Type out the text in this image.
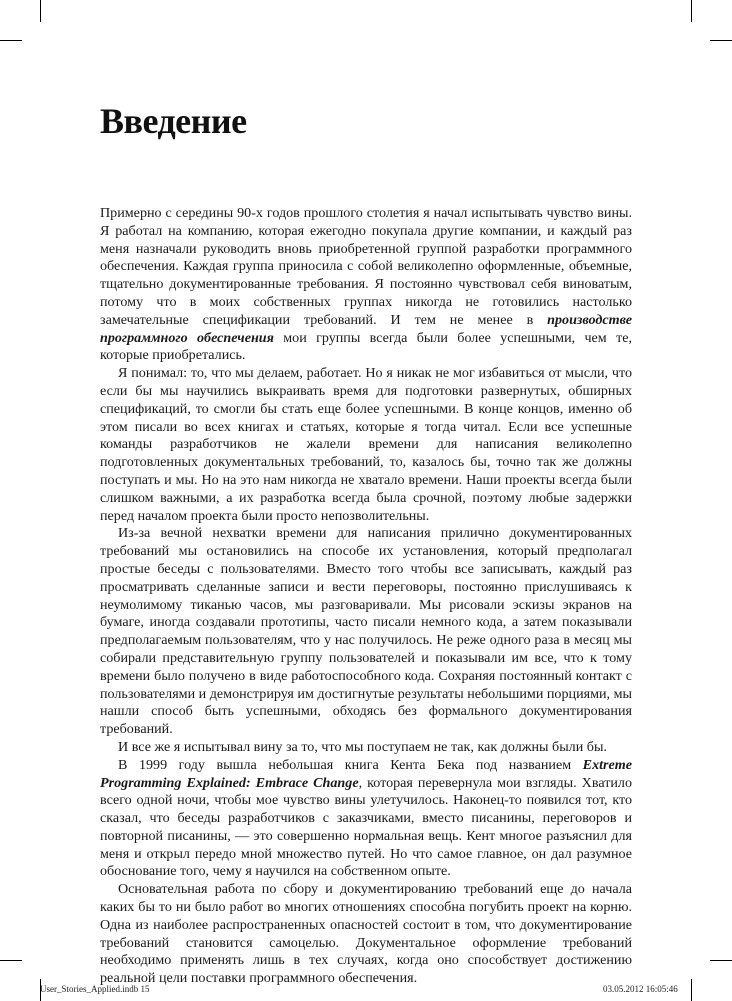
Введение

Примерно с середины 90-х годов прошлого столетия я начал испытывать чувство вины. Я работал на компанию, которая ежегодно покупала другие компании, и каждый раз меня назначали руководить вновь приобретенной группой разработки программного обеспечения. Каждая группа приносила с собой великолепно оформленные, объемные, тщательно документированные требования. Я постоянно чувствовал себя виноватым, потому что в моих собственных группах никогда не готовились настолько замечательные спецификации требований. И тем не менее в производстве программного обеспечения мои группы всегда были более успешными, чем те, которые приобретались.

Я понимал: то, что мы делаем, работает. Но я никак не мог избавиться от мысли, что если бы мы научились выкраивать время для подготовки развернутых, обширных спецификаций, то смогли бы стать еще более успешными. В конце концов, именно об этом писали во всех книгах и статьях, которые я тогда читал. Если все успешные команды разработчиков не жалели времени для написания великолепно подготовленных документальных требований, то, казалось бы, точно так же должны поступать и мы. Но на это нам никогда не хватало времени. Наши проекты всегда были слишком важными, а их разработка всегда была срочной, поэтому любые задержки перед началом проекта были просто непозволительны.

Из-за вечной нехватки времени для написания прилично документированных требований мы остановились на способе их установления, который предполагал простые беседы с пользователями. Вместо того чтобы все записывать, каждый раз просматривать сделанные записи и вести переговоры, постоянно прислушиваясь к неумолимому тиканью часов, мы разговаривали. Мы рисовали эскизы экранов на бумаге, иногда создавали прототипы, часто писали немного кода, а затем показывали предполагаемым пользователям, что у нас получилось. Не реже одного раза в месяц мы собирали представительную группу пользователей и показывали им все, что к тому времени было получено в виде работоспособного кода. Сохраняя постоянный контакт с пользователями и демонстрируя им достигнутые результаты небольшими порциями, мы нашли способ быть успешными, обходясь без формального документирования требований.

И все же я испытывал вину за то, что мы поступаем не так, как должны были бы.

В 1999 году вышла небольшая книга Кента Бека под названием Extreme Programming Explained: Embrace Change, которая перевернула мои взгляды. Хватило всего одной ночи, чтобы мое чувство вины улетучилось. Наконец-то появился тот, кто сказал, что беседы разработчиков с заказчиками, вместо писанины, переговоров и повторной писанины, — это совершенно нормальная вещь. Кент многое разъяснил для меня и открыл передо мной множество путей. Но что самое главное, он дал разумное обоснование того, чему я научился на собственном опыте.

Основательная работа по сбору и документированию требований еще до начала каких бы то ни было работ во многих отношениях способна погубить проект на корню. Одна из наиболее распространенных опасностей состоит в том, что документирование требований становится самоцелью. Документальное оформление требований необходимо применять лишь в тех случаях, когда оно способствует достижению реальной цели поставки программного обеспечения.

User_Stories_Applied.indb 15	03.05.2012 16:05:46
